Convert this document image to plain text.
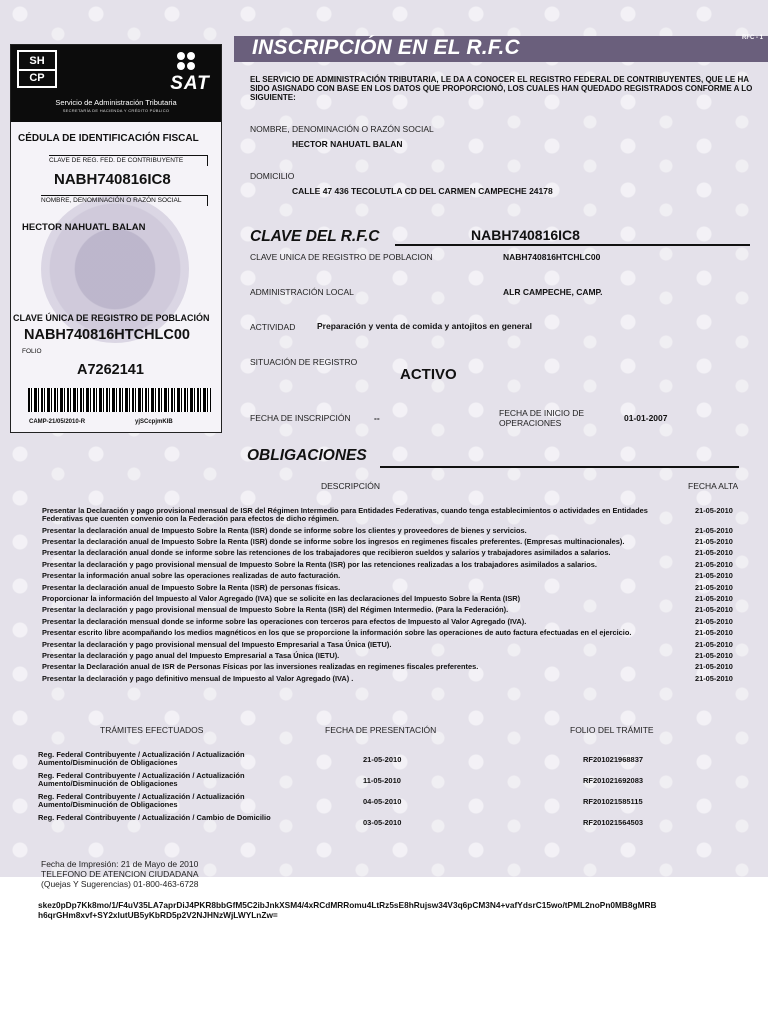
INSCRIPCIÓN EN EL R.F.C	RFC - 1
SH
CP	SAT
Servicio de Administración Tributaria
SECRETARÍA DE HACIENDA Y CRÉDITO PÚBLICO
CÉDULA DE IDENTIFICACIÓN FISCAL
CLAVE DE REG. FED. DE CONTRIBUYENTE
NABH740816IC8
NOMBRE, DENOMINACIÓN O RAZÓN SOCIAL
HECTOR NAHUATL BALAN
CLAVE ÚNICA DE REGISTRO DE POBLACIÓN
NABH740816HTCHLC00
FOLIO
A7262141
CAMP-21/05/2010-R	yjSCcpjmKIB
EL SERVICIO DE ADMINISTRACIÓN TRIBUTARIA, LE DA A CONOCER EL REGISTRO FEDERAL DE CONTRIBUYENTES, QUE LE HA SIDO ASIGNADO CON BASE EN LOS DATOS QUE PROPORCIONÓ, LOS CUALES HAN QUEDADO REGISTRADOS CONFORME A LO SIGUIENTE:
NOMBRE, DENOMINACIÓN O RAZÓN SOCIAL
HECTOR NAHUATL BALAN
DOMICILIO
CALLE 47 436 TECOLUTLA CD DEL CARMEN CAMPECHE 24178
CLAVE DEL R.F.C	NABH740816IC8
CLAVE UNICA DE REGISTRO DE POBLACION	NABH740816HTCHLC00
ADMINISTRACIÓN LOCAL	ALR CAMPECHE, CAMP.
ACTIVIDAD	Preparación y venta de comida y antojitos en general
SITUACIÓN DE REGISTRO
ACTIVO
FECHA DE INSCRIPCIÓN	--	FECHA DE INICIO DE
OPERACIONES	01-01-2007
OBLIGACIONES
DESCRIPCIÓN	FECHA ALTA
Presentar la Declaración y pago provisional mensual de ISR del Régimen Intermedio para Entidades Federativas, cuando tenga establecimientos o actividades en Entidades Federativas que cuenten convenio con la Federación para efectos de dicho régimen.
21-05-2010
Presentar la declaración anual de Impuesto Sobre la Renta (ISR) donde se informe sobre los clientes y proveedores de bienes y servicios.	21-05-2010
Presentar la declaración anual de Impuesto Sobre la Renta (ISR) donde se informe sobre los ingresos en regimenes fiscales preferentes. (Empresas multinacionales).	21-05-2010
Presentar la declaración anual donde se informe sobre las retenciones de los trabajadores que recibieron sueldos y salarios y trabajadores asimilados a salarios.	21-05-2010
Presentar la declaración y pago provisional mensual de Impuesto Sobre la Renta (ISR) por las retenciones realizadas a los trabajadores asimilados a salarios.	21-05-2010
Presentar la información anual sobre las operaciones realizadas de auto facturación.	21-05-2010
Presentar la declaración anual de Impuesto Sobre la Renta (ISR) de personas físicas.	21-05-2010
Proporcionar la información del Impuesto al Valor Agregado (IVA) que se solicite en las declaraciones del Impuesto Sobre la Renta (ISR)	21-05-2010
Presentar la declaración y pago provisional mensual de Impuesto Sobre la Renta (ISR) del Régimen Intermedio. (Para la Federación).	21-05-2010
Presentar la declaración mensual donde se informe sobre las operaciones con terceros para efectos de Impuesto al Valor Agregado (IVA).	21-05-2010
Presentar escrito libre acompañando los medios magnéticos en los que se proporcione la información sobre las operaciones de auto factura efectuadas en el ejercicio.	21-05-2010
Presentar la declaración y pago provisional mensual del Impuesto Empresarial a Tasa Única (IETU).	21-05-2010
Presentar la declaración y pago anual del Impuesto Empresarial a Tasa Única (IETU).	21-05-2010
Presentar la Declaración anual de ISR de Personas Físicas por las inversiones realizadas en regimenes fiscales preferentes.	21-05-2010
Presentar la declaración y pago definitivo mensual de Impuesto al Valor Agregado (IVA) .	21-05-2010
TRÁMITES EFECTUADOS	FECHA DE PRESENTACIÓN	FOLIO DEL TRÁMITE
Reg. Federal Contribuyente / Actualización / Actualización Aumento/Disminución de Obligaciones	21-05-2010	RF201021968837
Reg. Federal Contribuyente / Actualización / Actualización Aumento/Disminución de Obligaciones	11-05-2010	RF201021692083
Reg. Federal Contribuyente / Actualización / Actualización Aumento/Disminución de Obligaciones	04-05-2010	RF201021585115
Reg. Federal Contribuyente / Actualización / Cambio de Domicilio
03-05-2010	RF201021564503
Fecha de Impresión: 21 de Mayo de 2010
TELEFONO DE ATENCION CIUDADANA
(Quejas Y Sugerencias) 01-800-463-6728
skez0pDp7Kk8mo/1/F4uV35LA7aprDiJ4PKR8bbGfM5C2ibJnkXSM4/4xRCdMRRomu4LtRz5sE8hRujsw34V3q6pCM3N4+vafYdsrC15wo/tPML2noPn0MB8gMRB
h6qrGHm8xvf+SY2xlutUB5yKbRD5p2V2NJHNzWjLWYLnZw=
